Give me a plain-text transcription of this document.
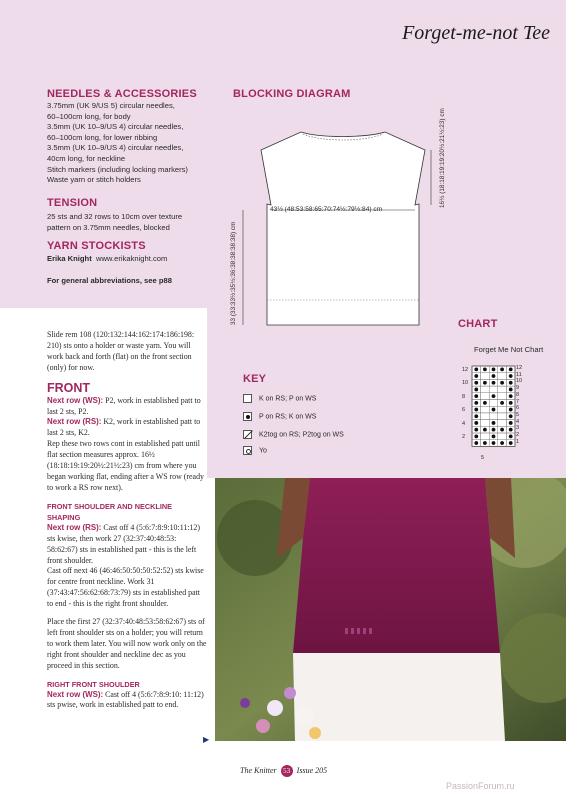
Forget-me-not Tee
NEEDLES & ACCESSORIES
3.75mm (UK 9/US 5) circular needles,
60–100cm long, for body
3.5mm (UK 10–9/US 4) circular needles,
60–100cm long, for lower ribbing
3.5mm (UK 10–9/US 4) circular needles,
40cm long, for neckline
Stitch markers (including locking markers)
Waste yarn or stitch holders
TENSION
25 sts and 32 rows to 10cm over texture
pattern on 3.75mm needles, blocked
YARN STOCKISTS
Erika Knight www.erikaknight.com
For general abbreviations, see p88
BLOCKING DIAGRAM
43½ (48:53:58:65:70:74½:79½:84) cm
33 (33:33½:35½:36:38:38:38:38) cm
16½ (18:18:19:19:20½:21½:23) cm
CHART
Forget Me Not Chart
12
10
8
6
4
2
12
11
10
9
8
7
6
5
4
3
2
1
5
KEY
K on RS; P on WS
P on RS; K on WS
K2tog on RS; P2tog on WS
Yo

Slide rem 108 (120:132:144:162:174:186:198: 210) sts onto a holder or waste yarn. You will work back and forth (flat) on the front section (only) for now.

FRONT

Next row (WS): P2, work in established patt to last 2 sts, P2.

Next row (RS): K2, work in established patt to last 2 sts, K2.

Rep these two rows cont in established patt until flat section measures approx. 16½ (18:18:19:19:20½:21½:23) cm from where you began working flat, ending after a WS row (ready to work a RS row next).

FRONT SHOULDER AND NECKLINE SHAPING

Next row (RS): Cast off 4 (5:6:7:8:9:10:11:12) sts kwise, then work 27 (32:37:40:48:53: 58:62:67) sts in established patt - this is the left front shoulder.

Cast off next 46 (46:46:50:50:50:52:52) sts kwise for centre front neckline. Work 31 (37:43:47:56:62:68:73:79) sts in established patt to end - this is the right front shoulder.

Place the first 27 (32:37:40:48:53:58:62:67) sts of left front shoulder sts on a holder; you will return to work them later. You will now work only on the right front shoulder and neckline dec as you proceed in this section.

RIGHT FRONT SHOULDER

Next row (WS): Cast off 4 (5:6:7:8:9:10: 11:12) sts pwise, work in established patt to end.

▶
The Knitter 53 Issue 205
PassionForum.ru
